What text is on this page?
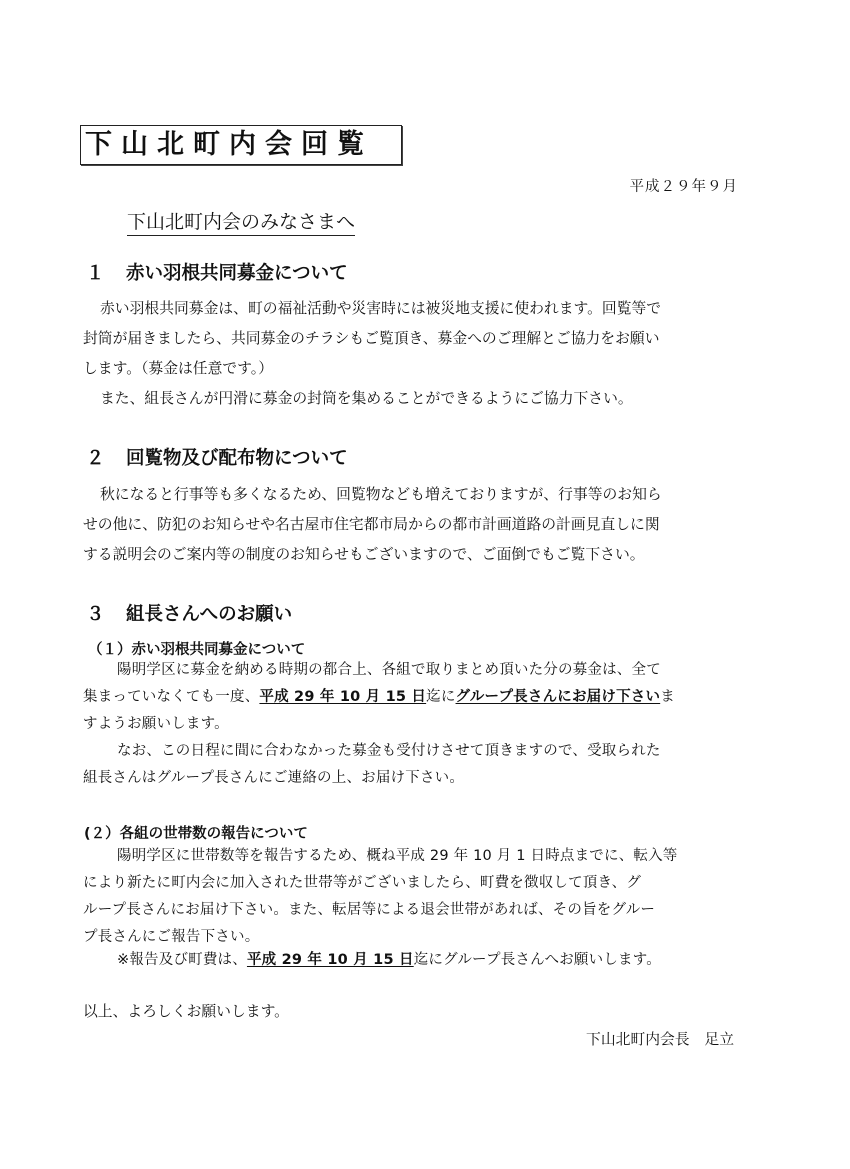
下山北町内会回覧
平成２９年９月
下山北町内会のみなさまへ
１ 赤い羽根共同募金について
赤い羽根共同募金は、町の福祉活動や災害時には被災地支援に使われます。回覧等で
封筒が届きましたら、共同募金のチラシもご覧頂き、募金へのご理解とご協力をお願い
します。（募金は任意です。）
また、組長さんが円滑に募金の封筒を集めることができるようにご協力下さい。
２ 回覧物及び配布物について
秋になると行事等も多くなるため、回覧物なども増えておりますが、行事等のお知ら
せの他に、防犯のお知らせや名古屋市住宅都市局からの都市計画道路の計画見直しに関
する説明会のご案内等の制度のお知らせもございますので、ご面倒でもご覧下さい。
３ 組長さんへのお願い
（１）赤い羽根共同募金について
陽明学区に募金を納める時期の都合上、各組で取りまとめ頂いた分の募金は、全て
集まっていなくても一度、平成 29 年 10 月 15 日迄にグループ長さんにお届け下さいま
すようお願いします。
なお、この日程に間に合わなかった募金も受付けさせて頂きますので、受取られた
組長さんはグループ長さんにご連絡の上、お届け下さい。
(２）各組の世帯数の報告について
陽明学区に世帯数等を報告するため、概ね平成 29 年 10 月 1 日時点までに、転入等
により新たに町内会に加入された世帯等がございましたら、町費を徴収して頂き、グ
ループ長さんにお届け下さい。また、転居等による退会世帯があれば、その旨をグルー
プ長さんにご報告下さい。
※報告及び町費は、平成 29 年 10 月 15 日迄にグループ長さんへお願いします。
以上、よろしくお願いします。
下山北町内会長　足立
